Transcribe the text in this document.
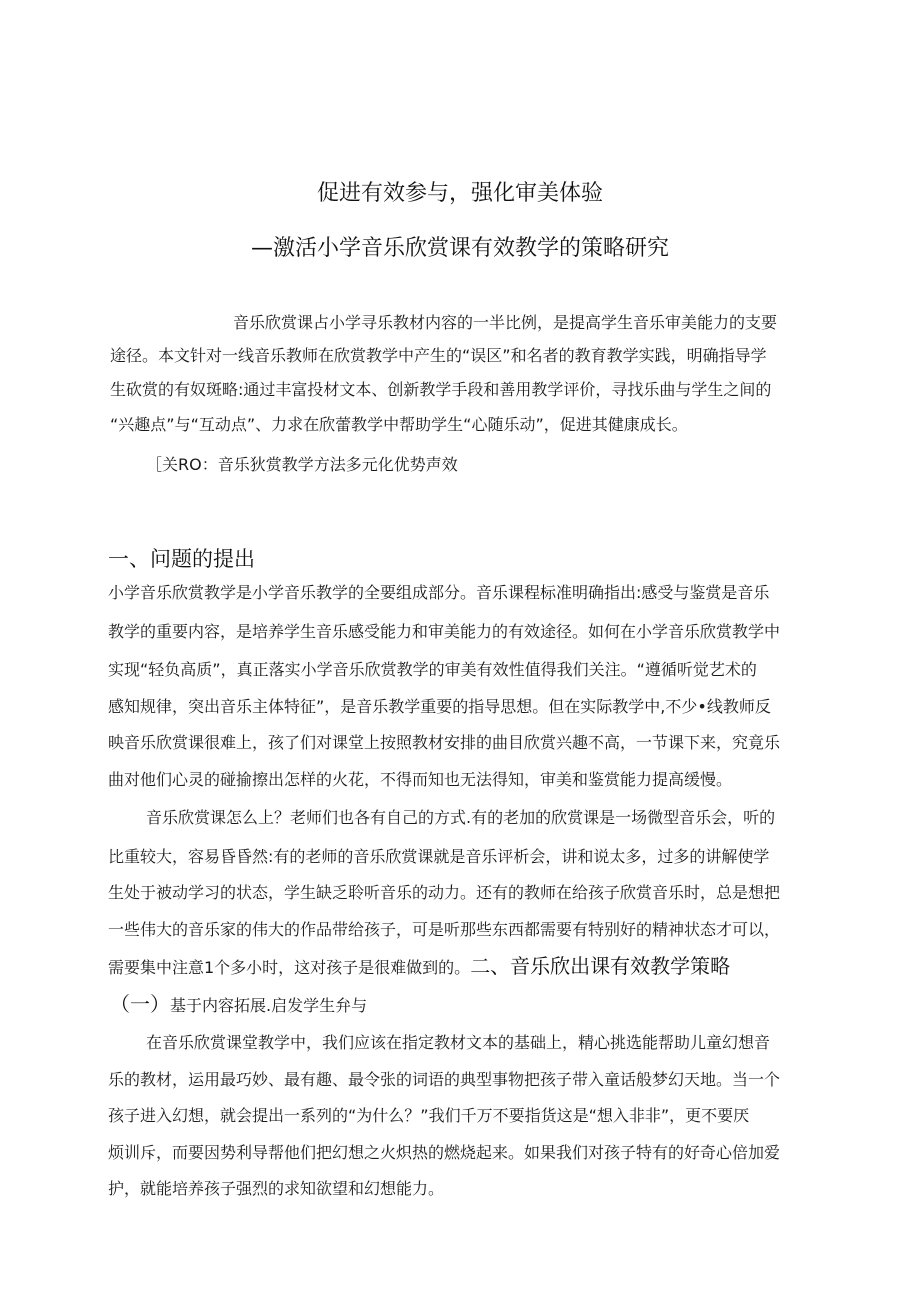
促进有效参与，强化审美体验
—激活小学音乐欣赏课有效教学的策略研究
音乐欣赏课占小学寻乐教材内容的一半比例，是提高学生音乐审美能力的支要
途径。本文针对一线音乐教师在欣赏教学中产生的“误区”和名者的教育教学实践，明确指导学
生砍赏的有奴斑略:通过丰富投材文本、创新教学手段和善用教学评价，寻找乐曲与学生之间的
“兴趣点”与“互动点”、力求在欣蕾教学中帮助学生“心随乐动”，促进其健康成长。
［关RO：音乐狄赏教学方法多元化优势声效
一、问题的提出
小学音乐欣赏教学是小学音乐教学的全要组成部分。音乐课程标准明确指出:感受与鉴赏是音乐
教学的重要内容，是培养学生音乐感受能力和审美能力的有效途径。如何在小学音乐欣赏教学中
实现“轻负高质”，真正落实小学音乐欣赏教学的审美有效性值得我们关注。“遵循听觉艺术的
感知规律，突出音乐主体特征”，是音乐教学重要的指导思想。但在实际教学中,不少•线教师反
映音乐欣赏课很难上，孩了们对课堂上按照教材安排的曲目欣赏兴趣不高，一节课下来，究竟乐
曲对他们心灵的碰揄擦出怎样的火花，不得而知也无法得知，审美和鉴赏能力提高缓慢。
音乐欣赏课怎么上？老师们也各有自己的方式.有的老加的欣赏课是一场微型音乐会，听的
比重较大，容易昏昏然:有的老师的音乐欣赏课就是音乐评析会，讲和说太多，过多的讲解使学
生处于被动学习的状态，学生缺乏聆听音乐的动力。还有的教师在给孩子欣赏音乐时，总是想把
一些伟大的音乐家的伟大的作品带给孩子，可是听那些东西都需要有特别好的精神状态才可以，
需要集中注意1个多小时，这对孩子是很难做到的。二、音乐欣出课有效教学策略
（一）基于内容拓展.启发学生弁与
在音乐欣赏课堂教学中，我们应该在指定教材文本的基础上，精心挑选能帮助儿童幻想音
乐的教材，运用最巧妙、最有趣、最令张的词语的典型事物把孩子带入童话般梦幻天地。当一个
孩子进入幻想，就会提出一系列的“为什么？”我们千万不要指货这是“想入非非”，更不要厌
烦训斥，而要因势利导帮他们把幻想之火炽热的燃烧起来。如果我们对孩子特有的好奇心倍加爱
护，就能培养孩子强烈的求知欲望和幻想能力。
